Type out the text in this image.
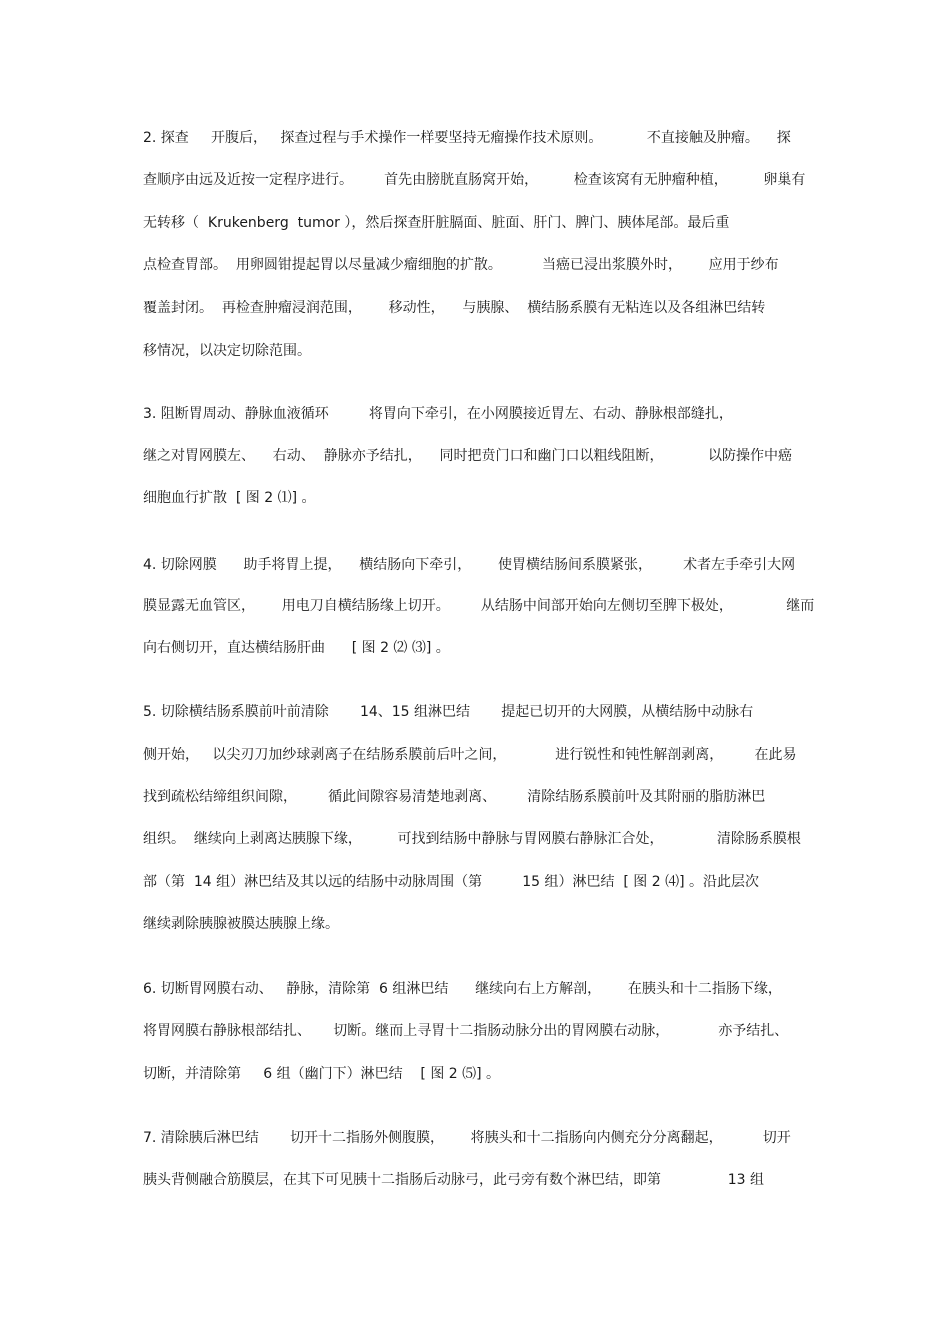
2. 探查     开腹后，   探查过程与手术操作一样要坚持无瘤操作技术原则。          不直接触及肿瘤。    探
查顺序由远及近按一定程序进行。       首先由膀胱直肠窝开始，        检查该窝有无肿瘤种植，        卵巢有
无转移（  Krukenberg  tumor ），然后探查肝脏膈面、脏面、肝门、脾门、胰体尾部。最后重
点检查胃部。  用卵圆钳提起胃以尽量减少瘤细胞的扩散。         当癌已浸出浆膜外时，      应用于纱布
覆盖封闭。  再检查肿瘤浸润范围，      移动性，    与胰腺、  横结肠系膜有无粘连以及各组淋巴结转
移情况，以决定切除范围。
3. 阻断胃周动、静脉血液循环         将胃向下牵引，在小网膜接近胃左、右动、静脉根部缝扎，
继之对胃网膜左、    右动、  静脉亦予结扎，    同时把贲门口和幽门口以粗线阻断，          以防操作中癌
细胞血行扩散  [ 图 2 ⑴] 。
4. 切除网膜      助手将胃上提，    横结肠向下牵引，      使胃横结肠间系膜紧张，       术者左手牵引大网
膜显露无血管区，      用电刀自横结肠缘上切开。       从结肠中间部开始向左侧切至脾下极处，            继而
向右侧切开，直达横结肠肝曲      [ 图 2 ⑵ ⑶] 。
5. 切除横结肠系膜前叶前清除       14、15 组淋巴结       提起已切开的大网膜，从横结肠中动脉右
侧开始，   以尖刃刀加纱球剥离子在结肠系膜前后叶之间，           进行锐性和钝性解剖剥离，       在此易
找到疏松结缔组织间隙，       循此间隙容易清楚地剥离、       清除结肠系膜前叶及其附丽的脂肪淋巴
组织。  继续向上剥离达胰腺下缘，        可找到结肠中静脉与胃网膜右静脉汇合处，            清除肠系膜根
部（第  14 组）淋巴结及其以远的结肠中动脉周围（第         15 组）淋巴结  [ 图 2 ⑷] 。沿此层次
继续剥除胰腺被膜达胰腺上缘。
6. 切断胃网膜右动、   静脉，清除第  6 组淋巴结      继续向右上方解剖，      在胰头和十二指肠下缘，
将胃网膜右静脉根部结扎、     切断。继而上寻胃十二指肠动脉分出的胃网膜右动脉，           亦予结扎、
切断，并清除第     6 组（幽门下）淋巴结    [ 图 2 ⑸] 。
7. 清除胰后淋巴结       切开十二指肠外侧腹膜，      将胰头和十二指肠向内侧充分分离翻起，         切开
胰头背侧融合筋膜层，在其下可见胰十二指肠后动脉弓，此弓旁有数个淋巴结，即第               13 组
